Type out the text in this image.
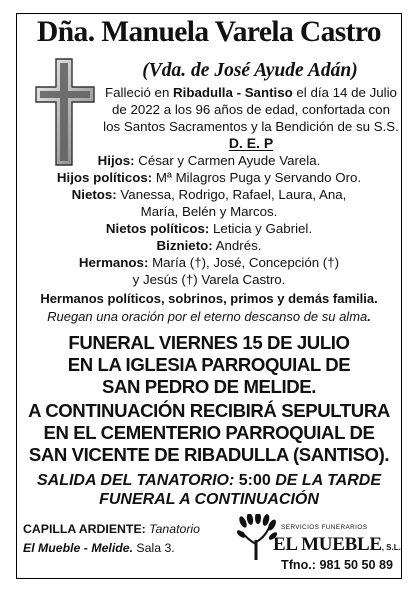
Dña. Manuela Varela Castro
(Vda. de José Ayude Adán)
Falleció en Ribadulla - Santiso el día 14 de Julio
de 2022 a los 96 años de edad, confortada con
los Santos Sacramentos y la Bendición de su S.S.
D. E. P
Hijos: César y Carmen Ayude Varela.
Hijos políticos: Mª Milagros Puga y Servando Oro.
Nietos: Vanessa, Rodrigo, Rafael, Laura, Ana,
María, Belén y Marcos.
Nietos políticos: Leticia y Gabriel.
Biznieto: Andrés.
Hermanos: María (†), José, Concepción (†)
y Jesús (†) Varela Castro.
Hermanos políticos, sobrinos, primos y demás familia.
Ruegan una oración por el eterno descanso de su alma.
FUNERAL VIERNES 15 DE JULIO
EN LA IGLESIA PARROQUIAL DE
SAN PEDRO DE MELIDE.
A CONTINUACIÓN RECIBIRÁ SEPULTURA
EN EL CEMENTERIO PARROQUIAL DE
SAN VICENTE DE RIBADULLA (SANTISO).
SALIDA DEL TANATORIO: 5:00 DE LA TARDE
FUNERAL A CONTINUACIÓN
CAPILLA ARDIENTE: Tanatorio
El Mueble - Melide. Sala 3.
SERVICIOS FUNERARIOS
EL MUEBLE, S.L.
Tfno.: 981 50 50 89
